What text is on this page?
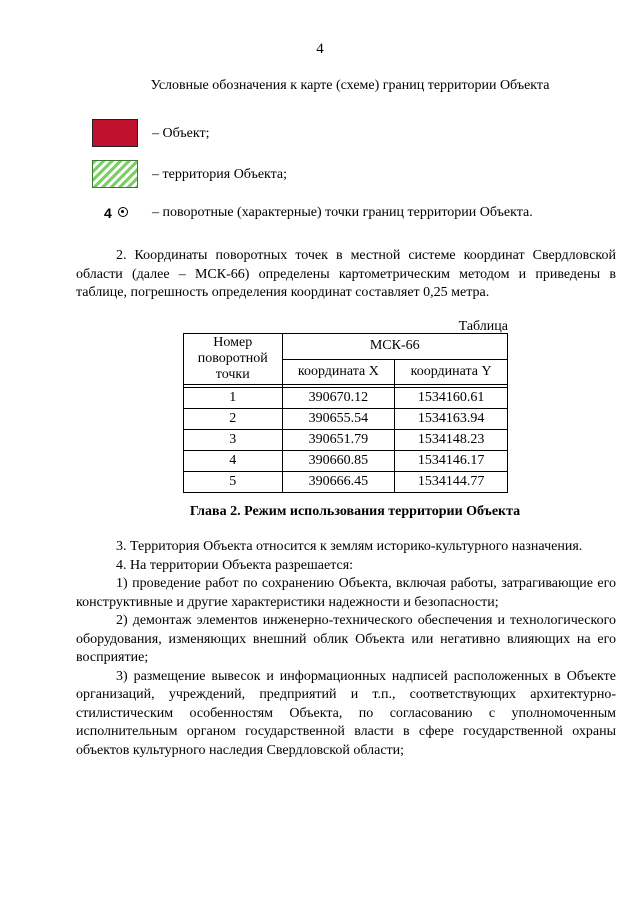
4
Условные обозначения к карте (схеме) границ территории Объекта
– Объект;
– территория Объекта;
4	– поворотные (характерные) точки границ территории Объекта.

2. Координаты поворотных точек в местной системе координат Свердловской области (далее – МСК-66) определены картометрическим методом и приведены в таблице, погрешность определения координат составляет 0,25 метра.

Таблица
Номер поворотной точки	МСК-66	
	координата X	координата Y

1	390670.12	1534160.61
2	390655.54	1534163.94
3	390651.79	1534148.23
4	390660.85	1534146.17
5	390666.45	1534144.77
Глава 2. Режим использования территории Объекта

3. Территория Объекта относится к землям историко-культурного назначения.

4. На территории Объекта разрешается:

1) проведение работ по сохранению Объекта, включая работы, затрагивающие его конструктивные и другие характеристики надежности и безопасности;

2) демонтаж элементов инженерно-технического обеспечения и технологического оборудования, изменяющих внешний облик Объекта или негативно влияющих на его восприятие;

3) размещение вывесок и информационных надписей расположенных в Объекте организаций, учреждений, предприятий и т.п., соответствующих архитектурно-стилистическим особенностям Объекта, по согласованию с уполномоченным исполнительным органом государственной власти в сфере государственной охраны объектов культурного наследия Свердловской области;
